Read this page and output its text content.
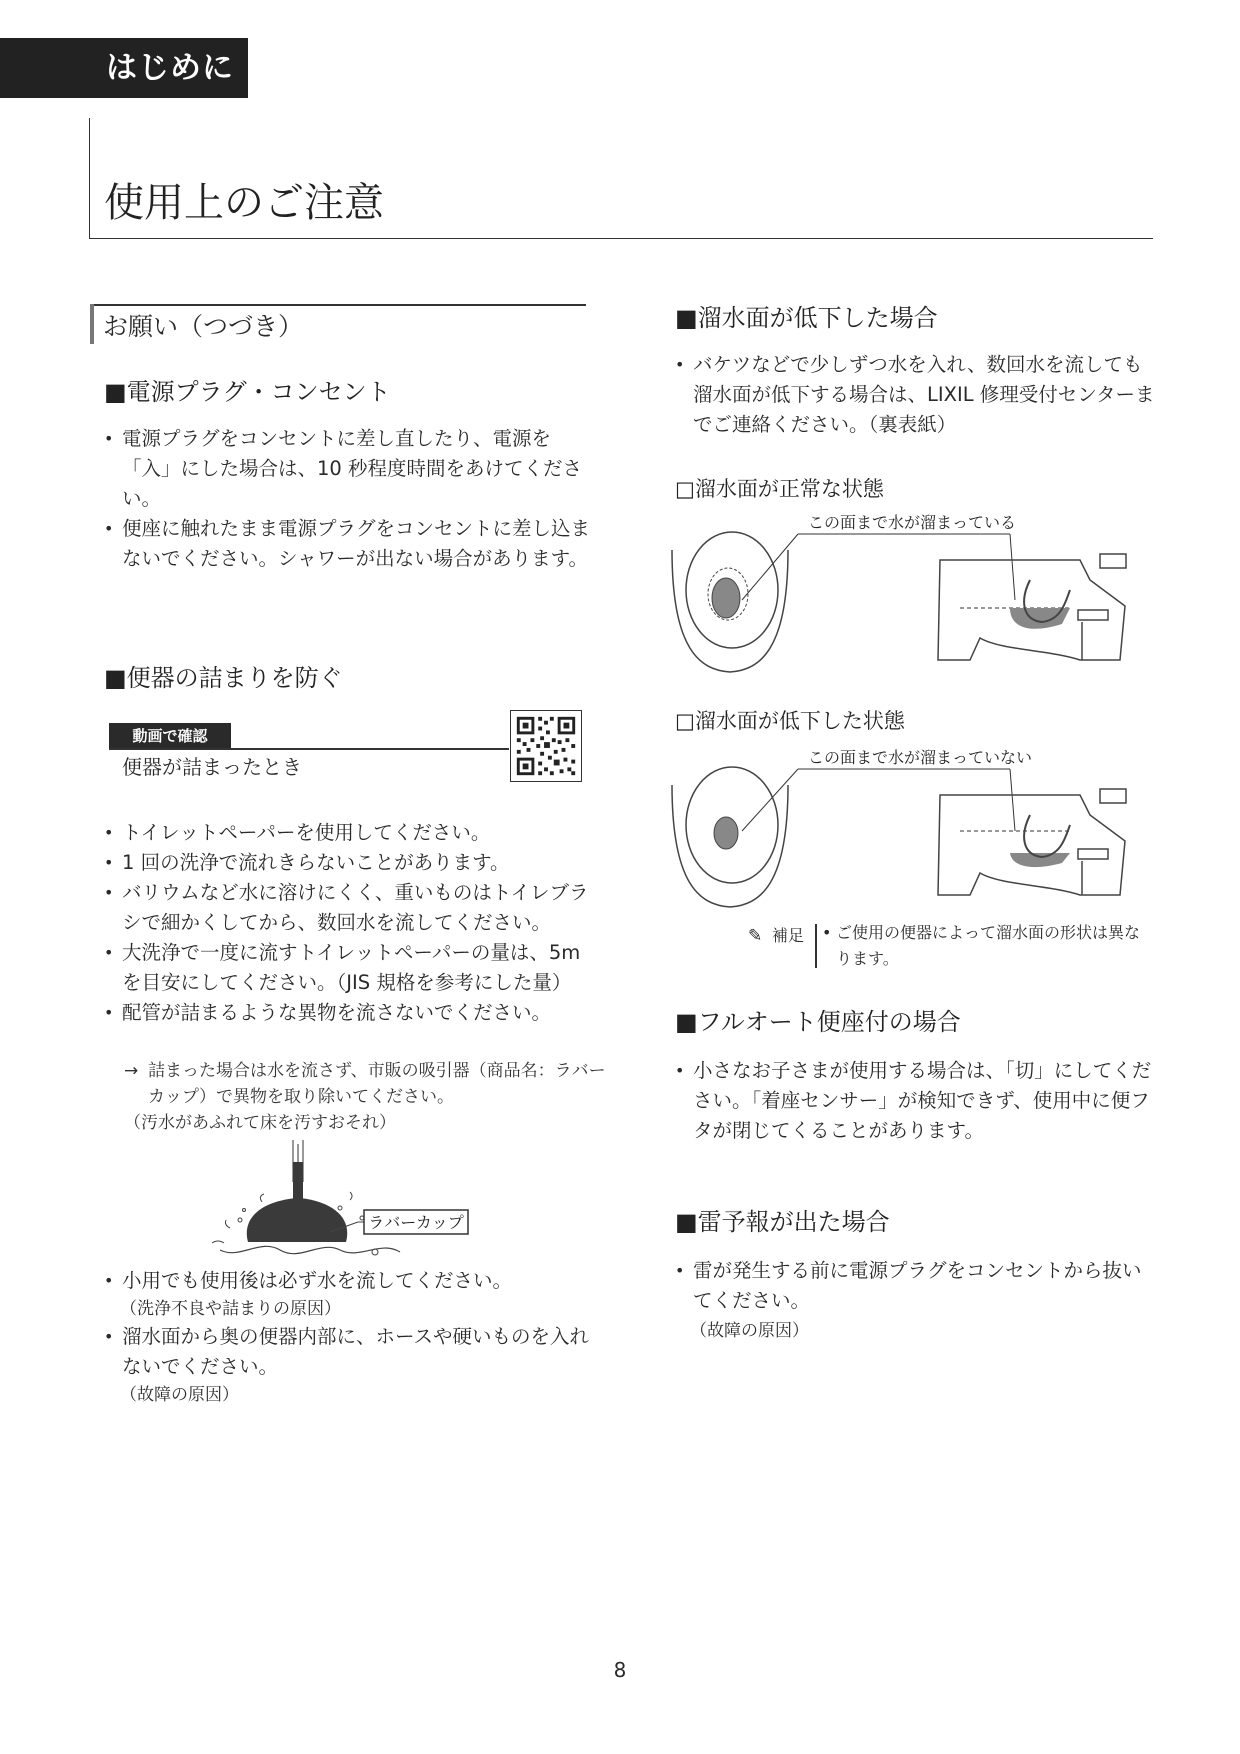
はじめに
使用上のご注意
お願い（つづき）
■電源プラグ・コンセント
• 電源プラグをコンセントに差し直したり、電源を「入」にした場合は、10 秒程度時間をあけてください。
• 便座に触れたまま電源プラグをコンセントに差し込まないでください。シャワーが出ない場合があります。
■便器の詰まりを防ぐ
動画で確認
便器が詰まったとき
• トイレットペーパーを使用してください。
• 1 回の洗浄で流れきらないことがあります。
• バリウムなど水に溶けにくく、重いものはトイレブラシで細かくしてから、数回水を流してください。
• 大洗浄で一度に流すトイレットペーパーの量は、5m を目安にしてください。（JIS 規格を参考にした量）
• 配管が詰まるような異物を流さないでください。
→ 詰まった場合は水を流さず、市販の吸引器（商品名：ラバーカップ）で異物を取り除いてください。
（汚水があふれて床を汚すおそれ）
ラバーカップ
• 小用でも使用後は必ず水を流してください。
（洗浄不良や詰まりの原因）
• 溜水面から奥の便器内部に、ホースや硬いものを入れないでください。
（故障の原因）
■溜水面が低下した場合
• バケツなどで少しずつ水を入れ、数回水を流しても溜水面が低下する場合は、LIXIL 修理受付センターまでご連絡ください。（裏表紙）
□溜水面が正常な状態
この面まで水が溜まっている
□溜水面が低下した状態
この面まで水が溜まっていない
✎ 補足
•	ご使用の便器によって溜水面の形状は異なります。
■フルオート便座付の場合
• 小さなお子さまが使用する場合は、「切」にしてください。「着座センサー」が検知できず、使用中に便フタが閉じてくることがあります。
■雷予報が出た場合
• 雷が発生する前に電源プラグをコンセントから抜いてください。
（故障の原因）
8
